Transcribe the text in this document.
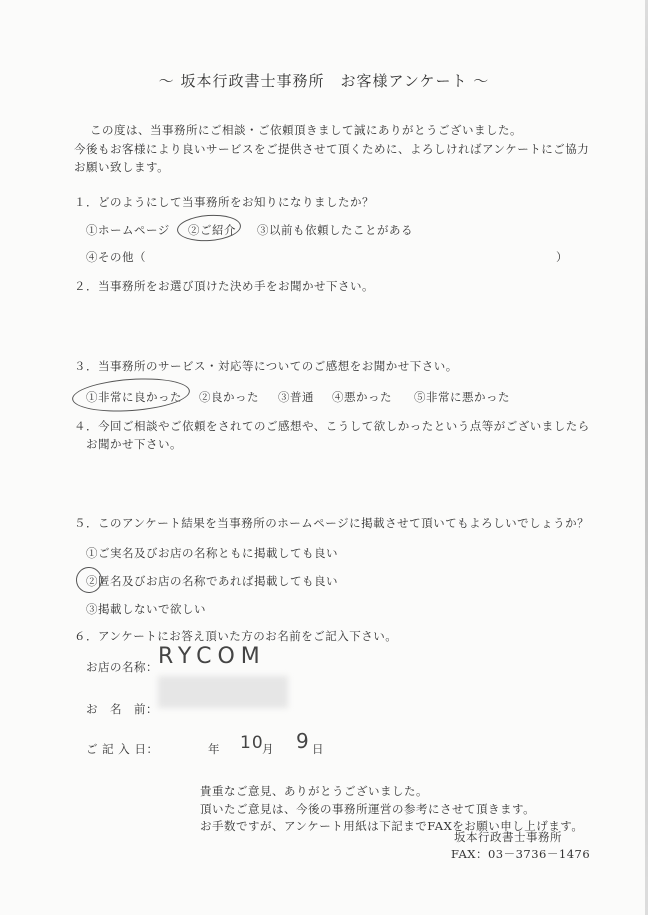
～ 坂本行政書士事務所　お客様アンケート ～
この度は、当事務所にご相談・ご依頼頂きまして誠にありがとうございました。
今後もお客様により良いサービスをご提供させて頂くために、よろしければアンケートにご協力
お願い致します。
１．どのようにして当事務所をお知りになりましたか？
①ホームページ ②ご紹介 ③以前も依頼したことがある
④その他（	）
２．当事務所をお選び頂けた決め手をお聞かせ下さい。
３．当事務所のサービス・対応等についてのご感想をお聞かせ下さい。
①非常に良かった ②良かった ③普通 ④悪かった ⑤非常に悪かった
４．今回ご相談やご依頼をされてのご感想や、こうして欲しかったという点等がございましたら
お聞かせ下さい。
５．このアンケート結果を当事務所のホームページに掲載させて頂いてもよろしいでしょうか？
①ご実名及びお店の名称ともに掲載しても良い
②匿名及びお店の名称であれば掲載しても良い
③掲載しないで欲しい
６．アンケートにお答え頂いた方のお名前をご記入下さい。
お店の名称： RYCOM
お　名　前：
ご 記 入 日：	年 10
月 9 日
貴重なご意見、ありがとうございました。
頂いたご意見は、今後の事務所運営の参考にさせて頂きます。
お手数ですが、アンケート用紙は下記までFAXをお願い申し上げます。
坂本行政書士事務所
FAX：03－3736－1476
